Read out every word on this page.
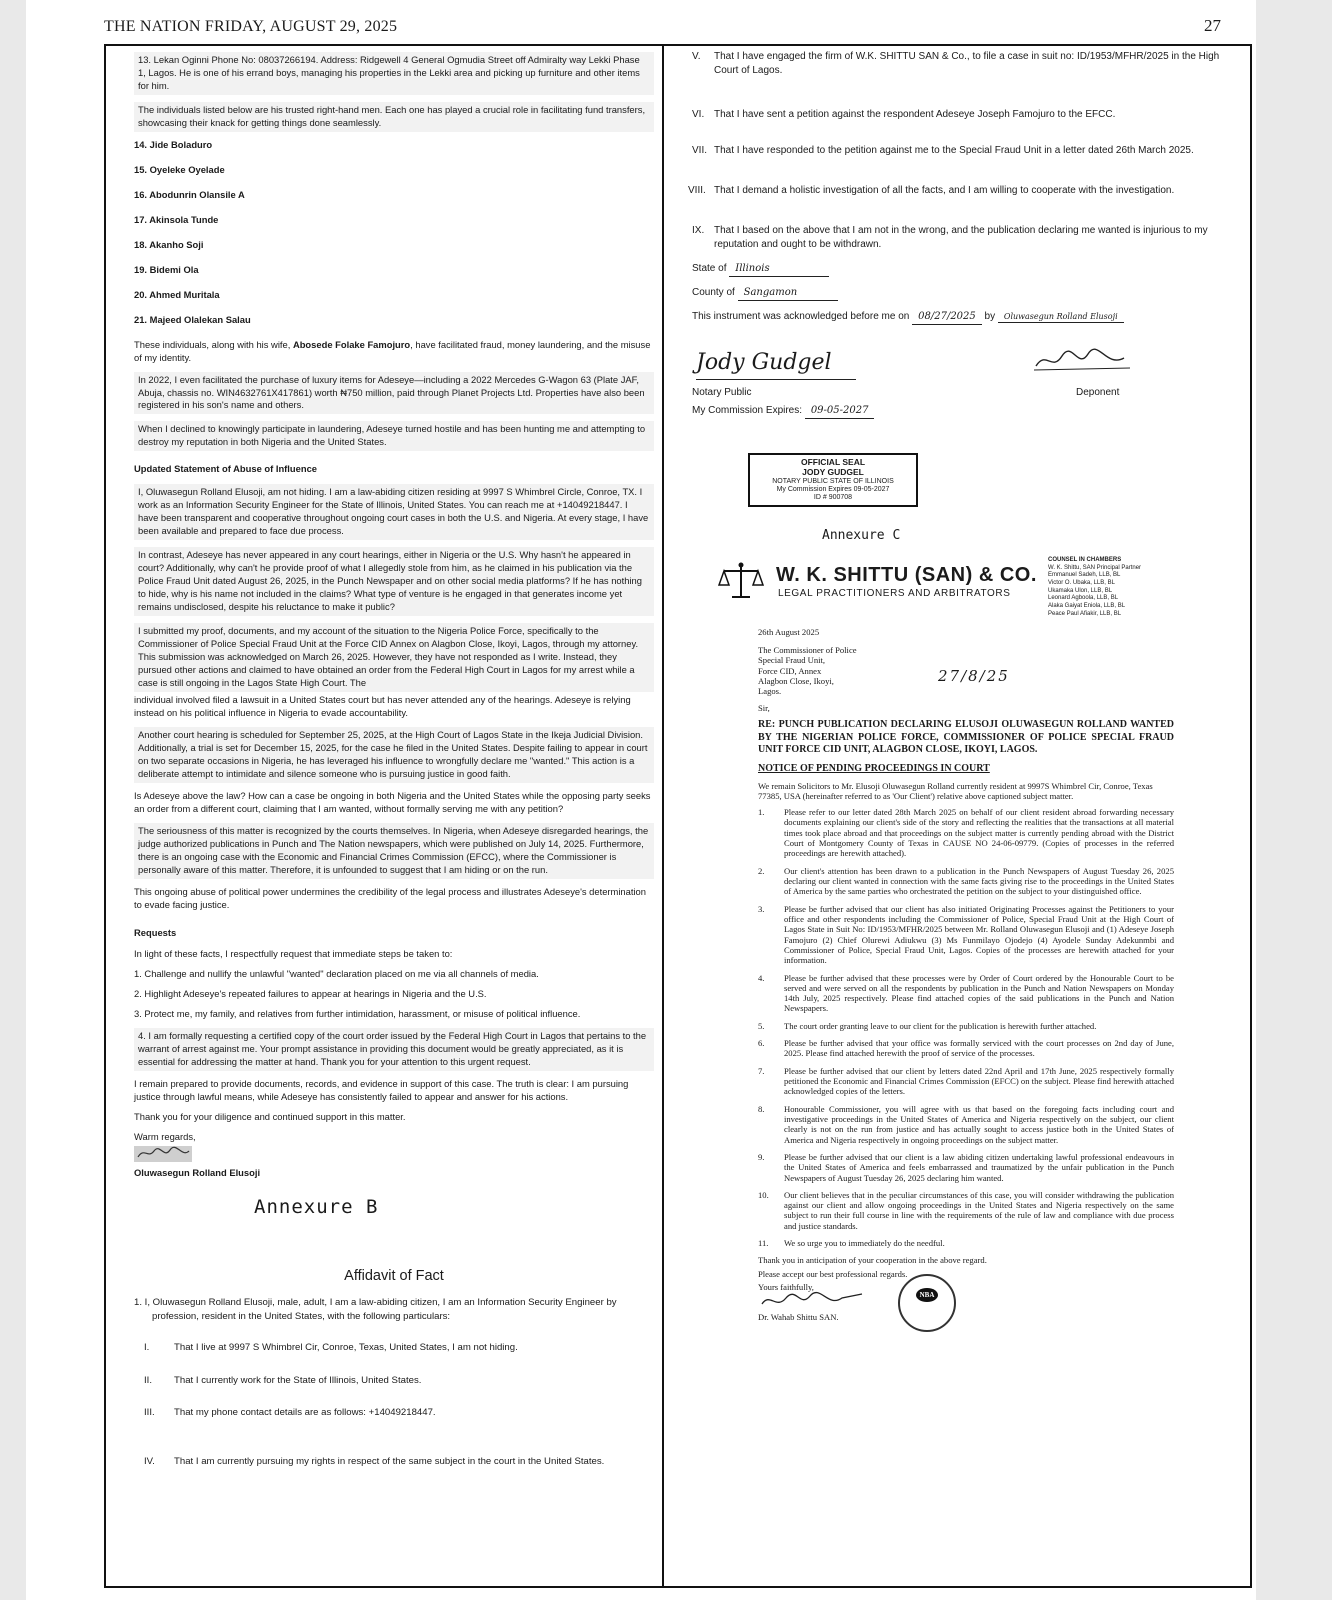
THE NATION FRIDAY, AUGUST 29, 2025	27

13. Lekan Oginni Phone No: 08037266194. Address: Ridgewell 4 General Ogmudia Street off Admiralty way Lekki Phase 1, Lagos. He is one of his errand boys, managing his properties in the Lekki area and picking up furniture and other items for him.

The individuals listed below are his trusted right-hand men. Each one has played a crucial role in facilitating fund transfers, showcasing their knack for getting things done seamlessly.

14. Jide Boladuro
15. Oyeleke Oyelade
16. Abodunrin Olansile A
17. Akinsola Tunde
18. Akanho Soji
19. Bidemi Ola
20. Ahmed Muritala
21. Majeed Olalekan Salau

These individuals, along with his wife, Abosede Folake Famojuro, have facilitated fraud, money laundering, and the misuse of my identity.

In 2022, I even facilitated the purchase of luxury items for Adeseye—including a 2022 Mercedes G-Wagon 63 (Plate JAF, Abuja, chassis no. WIN4632761X417861) worth ₦750 million, paid through Planet Projects Ltd. Properties have also been registered in his son's name and others.

When I declined to knowingly participate in laundering, Adeseye turned hostile and has been hunting me and attempting to destroy my reputation in both Nigeria and the United States.

Updated Statement of Abuse of Influence

I, Oluwasegun Rolland Elusoji, am not hiding. I am a law-abiding citizen residing at 9997 S Whimbrel Circle, Conroe, TX. I work as an Information Security Engineer for the State of Illinois, United States. You can reach me at +14049218447. I have been transparent and cooperative throughout ongoing court cases in both the U.S. and Nigeria. At every stage, I have been available and prepared to face due process.

In contrast, Adeseye has never appeared in any court hearings, either in Nigeria or the U.S. Why hasn't he appeared in court? Additionally, why can't he provide proof of what I allegedly stole from him, as he claimed in his publication via the Police Fraud Unit dated August 26, 2025, in the Punch Newspaper and on other social media platforms? If he has nothing to hide, why is his name not included in the claims? What type of venture is he engaged in that generates income yet remains undisclosed, despite his reluctance to make it public?

I submitted my proof, documents, and my account of the situation to the Nigeria Police Force, specifically to the Commissioner of Police Special Fraud Unit at the Force CID Annex on Alagbon Close, Ikoyi, Lagos, through my attorney. This submission was acknowledged on March 26, 2025. However, they have not responded as I write. Instead, they pursued other actions and claimed to have obtained an order from the Federal High Court in Lagos for my arrest while a case is still ongoing in the Lagos State High Court. The

individual involved filed a lawsuit in a United States court but has never attended any of the hearings. Adeseye is relying instead on his political influence in Nigeria to evade accountability.

Another court hearing is scheduled for September 25, 2025, at the High Court of Lagos State in the Ikeja Judicial Division. Additionally, a trial is set for December 15, 2025, for the case he filed in the United States. Despite failing to appear in court on two separate occasions in Nigeria, he has leveraged his influence to wrongfully declare me "wanted." This action is a deliberate attempt to intimidate and silence someone who is pursuing justice in good faith.

Is Adeseye above the law? How can a case be ongoing in both Nigeria and the United States while the opposing party seeks an order from a different court, claiming that I am wanted, without formally serving me with any petition?

The seriousness of this matter is recognized by the courts themselves. In Nigeria, when Adeseye disregarded hearings, the judge authorized publications in Punch and The Nation newspapers, which were published on July 14, 2025. Furthermore, there is an ongoing case with the Economic and Financial Crimes Commission (EFCC), where the Commissioner is personally aware of this matter. Therefore, it is unfounded to suggest that I am hiding or on the run.

This ongoing abuse of political power undermines the credibility of the legal process and illustrates Adeseye's determination to evade facing justice.

Requests

In light of these facts, I respectfully request that immediate steps be taken to:

1. Challenge and nullify the unlawful "wanted" declaration placed on me via all channels of media.

2. Highlight Adeseye's repeated failures to appear at hearings in Nigeria and the U.S.

3. Protect me, my family, and relatives from further intimidation, harassment, or misuse of political influence.

4. I am formally requesting a certified copy of the court order issued by the Federal High Court in Lagos that pertains to the warrant of arrest against me. Your prompt assistance in providing this document would be greatly appreciated, as it is essential for addressing the matter at hand. Thank you for your attention to this urgent request.

I remain prepared to provide documents, records, and evidence in support of this case. The truth is clear: I am pursuing justice through lawful means, while Adeseye has consistently failed to appear and answer for his actions.

Thank you for your diligence and continued support in this matter.

Warm regards,

Oluwasegun Rolland Elusoji
Annexure B
Affidavit of Fact
1. I, Oluwasegun Rolland Elusoji, male, adult, I am a law-abiding citizen, I am an Information Security Engineer by profession, resident in the United States, with the following particulars:
I.	That I live at 9997 S Whimbrel Cir, Conroe, Texas, United States, I am not hiding.
II. That I currently work for the State of Illinois, United States.
III. That my phone contact details are as follows: +14049218447.
IV. That I am currently pursuing my rights in respect of the same subject in the court in the United States.
V. That I have engaged the firm of W.K. SHITTU SAN & Co., to file a case in suit no: ID/1953/MFHR/2025 in the High Court of Lagos.
VI. That I have sent a petition against the respondent Adeseye Joseph Famojuro to the EFCC.
VII. That I have responded to the petition against me to the Special Fraud Unit in a letter dated 26th March 2025.
VIII. That I demand a holistic investigation of all the facts, and I am willing to cooperate with the investigation.
IX. That I based on the above that I am not in the wrong, and the publication declaring me wanted is injurious to my reputation and ought to be withdrawn.
State of Illinois
County of Sangamon
This instrument was acknowledged before me on 08/27/2025 by Oluwasegun Rolland Elusoji
Jody Gudgel
Notary Public	Deponent
My Commission Expires: 09-05-2027
OFFICIAL SEAL
JODY GUDGEL
NOTARY PUBLIC STATE OF ILLINOIS
My Commission Expires 09-05-2027
ID # 900708
Annexure C
W. K. SHITTU (SAN) & CO.
LEGAL PRACTITIONERS AND ARBITRATORS
COUNSEL IN CHAMBERS
W. K. Shittu, SAN Principal Partner
Emmanuel Sadeh, LLB, BL
Victor O. Ubaka, LLB, BL
Ukamaka Ulon, LLB, BL
Leonard Agboola, LLB, BL
Alaka Gaiyat Eniola, LLB, BL
Peace Paul Afiakir, LLB, BL

26th August 2025

The Commissioner of Police
Special Fraud Unit,
Force CID, Annex
Alagbon Close, Ikoyi,
Lagos.
27/8/25

Sir,

RE: PUNCH PUBLICATION DECLARING ELUSOJI OLUWASEGUN ROLLAND WANTED BY THE NIGERIAN POLICE FORCE, COMMISSIONER OF POLICE SPECIAL FRAUD UNIT FORCE CID UNIT, ALAGBON CLOSE, IKOYI, LAGOS.
NOTICE OF PENDING PROCEEDINGS IN COURT

We remain Solicitors to Mr. Elusoji Oluwasegun Rolland currently resident at 9997S Whimbrel Cir, Conroe, Texas 77385, USA (hereinafter referred to as 'Our Client') relative above captioned subject matter.

1. Please refer to our letter dated 28th March 2025 on behalf of our client resident abroad forwarding necessary documents explaining our client's side of the story and reflecting the realities that the transactions at all material times took place abroad and that proceedings on the subject matter is currently pending abroad with the District Court of Montgomery County of Texas in CAUSE NO 24-06-09779. (Copies of processes in the referred proceedings are herewith attached).
2. Our client's attention has been drawn to a publication in the Punch Newspapers of August Tuesday 26, 2025 declaring our client wanted in connection with the same facts giving rise to the proceedings in the United States of America by the same parties who orchestrated the petition on the subject to your distinguished office.
3. Please be further advised that our client has also initiated Originating Processes against the Petitioners to your office and other respondents including the Commissioner of Police, Special Fraud Unit at the High Court of Lagos State in Suit No: ID/1953/MFHR/2025 between Mr. Rolland Oluwasegun Elusoji and (1) Adeseye Joseph Famojuro (2) Chief Olurewi Adiukwu (3) Ms Funmilayo Ojodejo (4) Ayodele Sunday Adekunmbi and Commissioner of Police, Special Fraud Unit, Lagos. Copies of the processes are herewith attached for your information.
4. Please be further advised that these processes were by Order of Court ordered by the Honourable Court to be served and were served on all the respondents by publication in the Punch and Nation Newspapers on Monday 14th July, 2025 respectively. Please find attached copies of the said publications in the Punch and Nation Newspapers.
5. The court order granting leave to our client for the publication is herewith further attached.
6. Please be further advised that your office was formally serviced with the court processes on 2nd day of June, 2025. Please find attached herewith the proof of service of the processes.
7. Please be further advised that our client by letters dated 22nd April and 17th June, 2025 respectively formally petitioned the Economic and Financial Crimes Commission (EFCC) on the subject. Please find herewith attached acknowledged copies of the letters.
8. Honourable Commissioner, you will agree with us that based on the foregoing facts including court and investigative proceedings in the United States of America and Nigeria respectively on the subject, our client clearly is not on the run from justice and has actually sought to access justice both in the United States of America and Nigeria respectively in ongoing proceedings on the subject matter.
9. Please be further advised that our client is a law abiding citizen undertaking lawful professional endeavours in the United States of America and feels embarrassed and traumatized by the unfair publication in the Punch Newspapers of August Tuesday 26, 2025 declaring him wanted.
10. Our client believes that in the peculiar circumstances of this case, you will consider withdrawing the publication against our client and allow ongoing proceedings in the United States and Nigeria respectively on the same subject to run their full course in line with the requirements of the rule of law and compliance with due process and justice standards.
11. We so urge you to immediately do the needful.

Thank you in anticipation of your cooperation in the above regard.

Please accept our best professional regards.

Yours faithfully,
Dr. Wahab Shittu SAN.
NBA
